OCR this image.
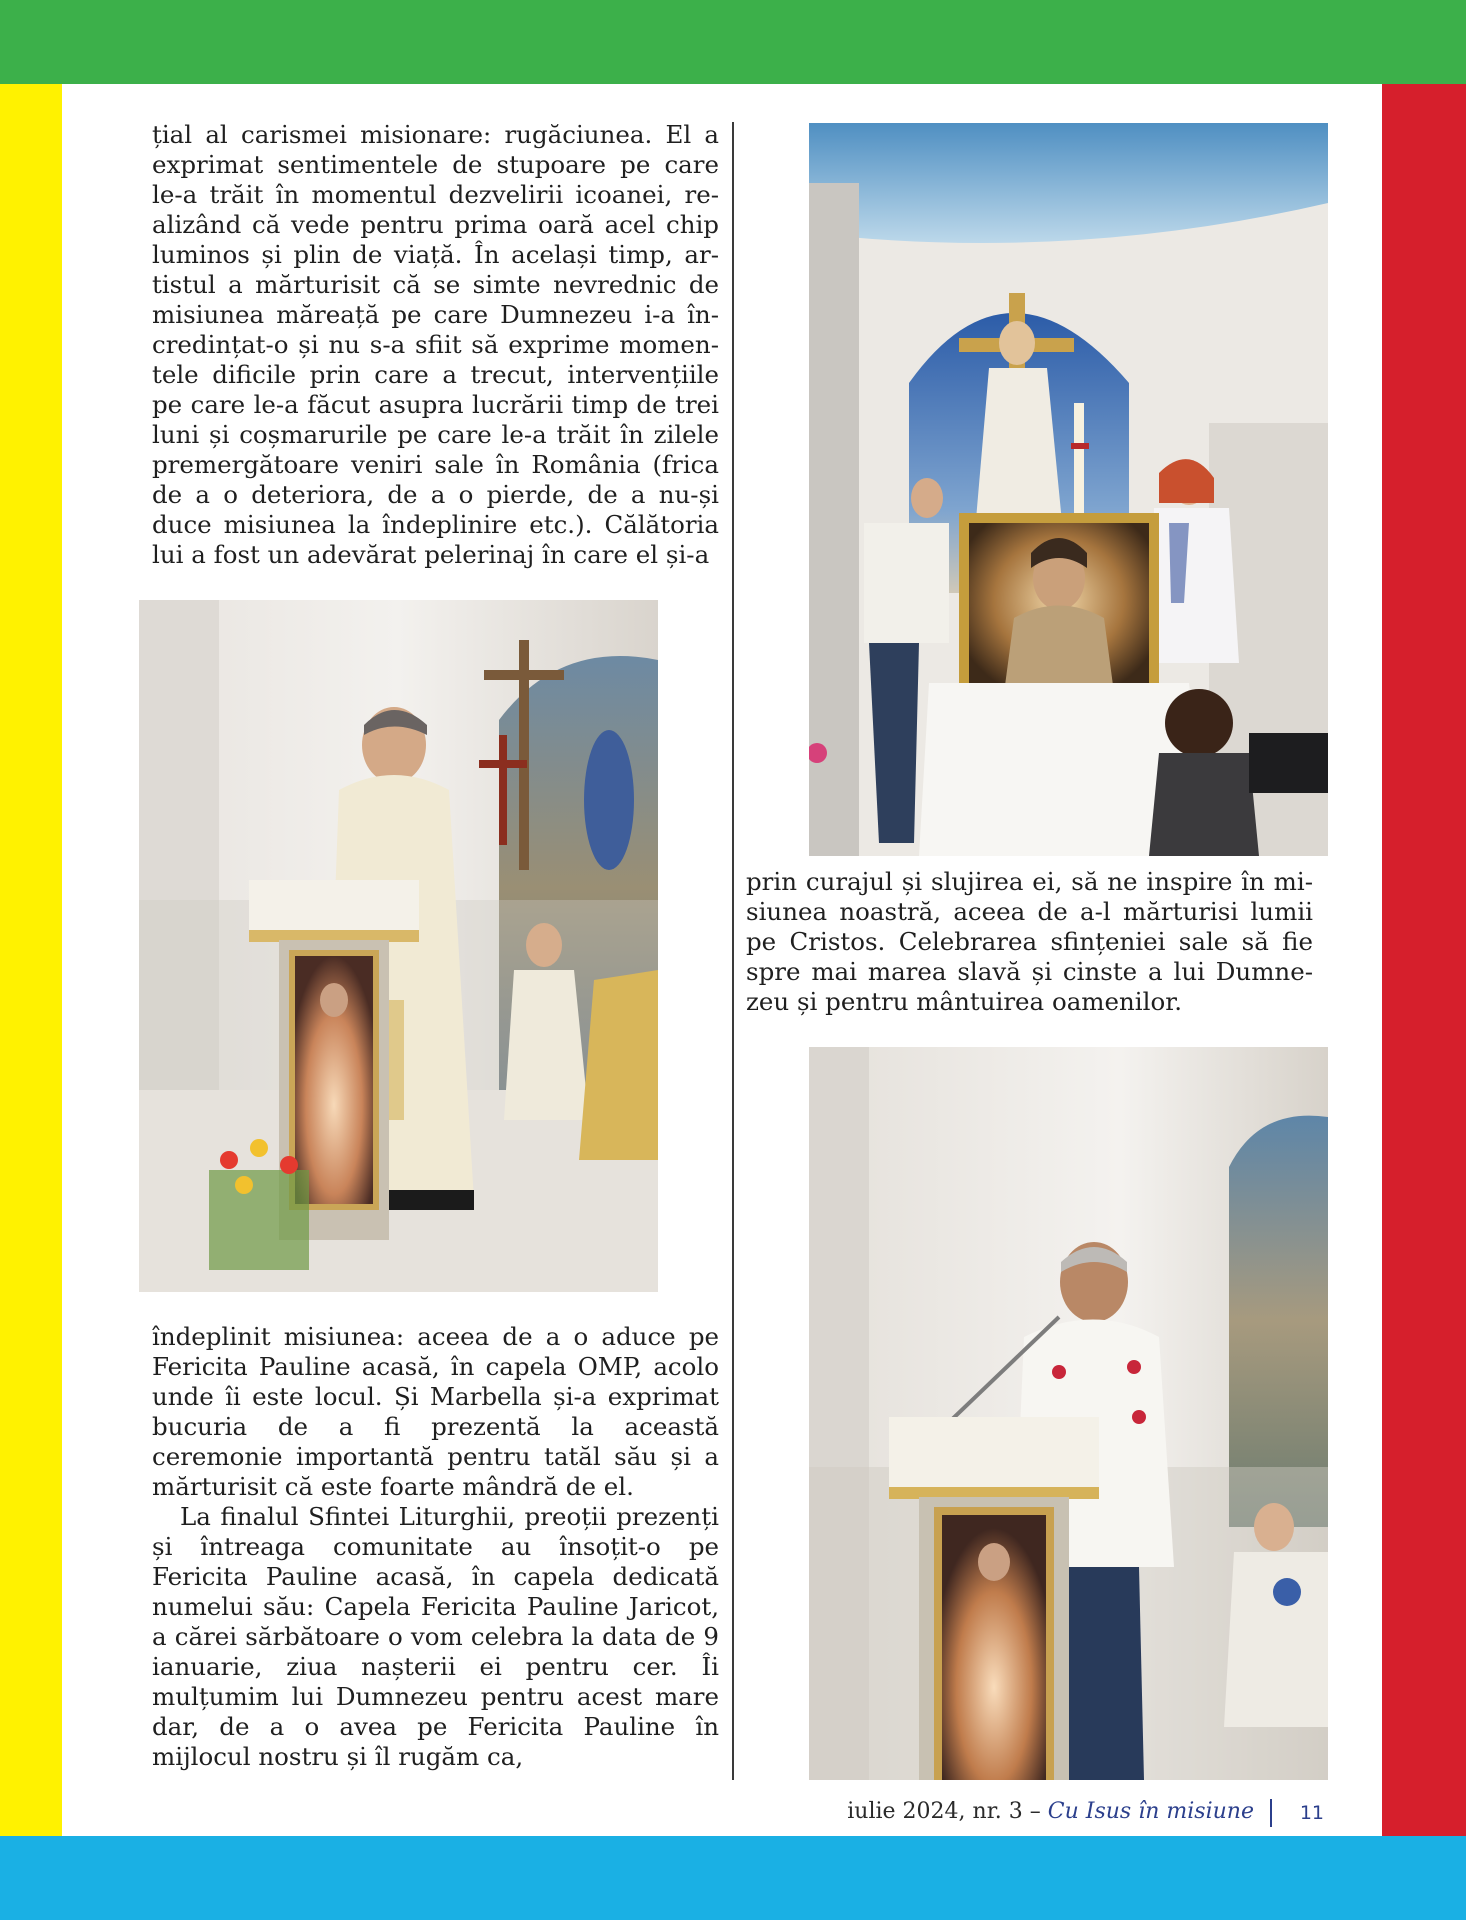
țial al carismei misionare: rugăciunea. El a exprimat sentimentele de stupoare pe care le-a trăit în momentul dezvelirii icoanei, realizând că vede pentru prima oară acel chip luminos și plin de viață. În același timp, artistul a mărturisit că se simte nevrednic de misiunea măreață pe care Dumnezeu i-a încredințat-o și nu s-a sfiit să exprime momentele dificile prin care a trecut, intervențiile pe care le-a făcut asupra lucrării timp de trei luni și coșmarurile pe care le-a trăit în zilele premergătoare veniri sale în România (frica de a o deteriora, de a o pierde, de a nu-și duce misiunea la îndeplinire etc.). Călătoria lui a fost un adevărat pelerinaj în care el și-a

îndeplinit misiunea: aceea de a o aduce pe Fericita Pauline acasă, în capela OMP, acolo unde îi este locul. Și Marbella și-a exprimat bucuria de a fi prezentă la această ceremonie importantă pentru tatăl său și a mărturisit că este foarte mândră de el.

La finalul Sfintei Liturghii, preoții prezenți și întreaga comunitate au însoțit-o pe Fericita Pauline acasă, în capela dedicată numelui său: Capela Fericita Pauline Jaricot, a cărei sărbătoare o vom celebra la data de 9 ianuarie, ziua nașterii ei pentru cer. Îi mulțumim lui Dumnezeu pentru acest mare dar, de a o avea pe Fericita Pauline în mijlocul nostru și îl rugăm ca,

prin curajul și slujirea ei, să ne inspire în misiunea noastră, aceea de a-l mărturisi lumii pe Cristos. Celebrarea sfințeniei sale să fie spre mai marea slavă și cinste a lui Dumnezeu și pentru mântuirea oamenilor.

iulie 2024, nr. 3 – Cu Isus în misiune 11
